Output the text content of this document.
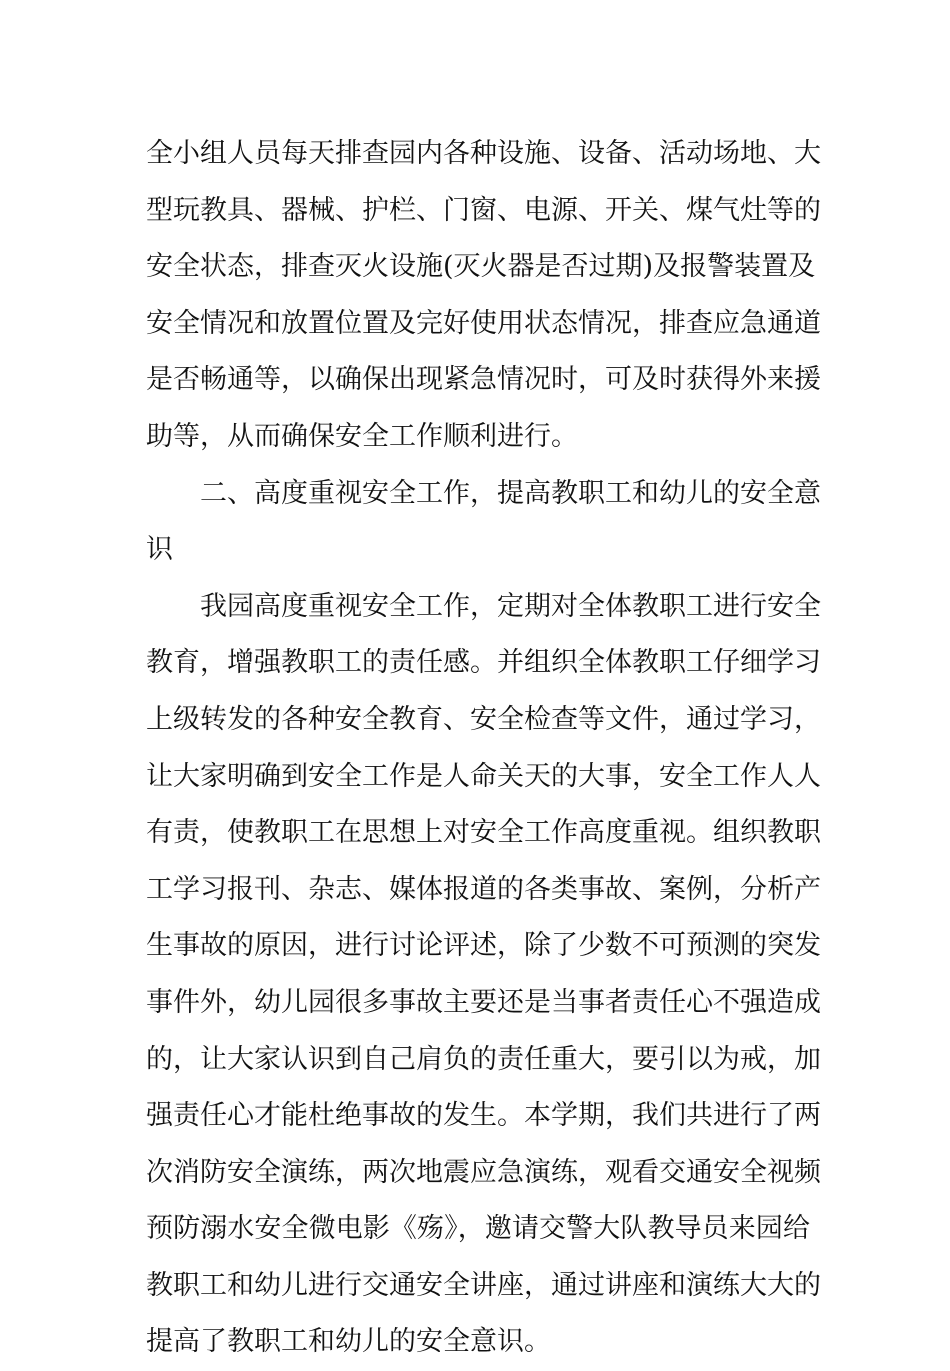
全小组人员每天排查园内各种设施、设备、活动场地、大
型玩教具、器械、护栏、门窗、电源、开关、煤气灶等的
安全状态，排查灭火设施(灭火器是否过期)及报警装置及
安全情况和放置位置及完好使用状态情况，排查应急通道
是否畅通等，以确保出现紧急情况时，可及时获得外来援
助等，从而确保安全工作顺利进行。
二、高度重视安全工作，提高教职工和幼儿的安全意
识
我园高度重视安全工作，定期对全体教职工进行安全
教育，增强教职工的责任感。并组织全体教职工仔细学习
上级转发的各种安全教育、安全检查等文件，通过学习，
让大家明确到安全工作是人命关天的大事，安全工作人人
有责，使教职工在思想上对安全工作高度重视。组织教职
工学习报刊、杂志、媒体报道的各类事故、案例，分析产
生事故的原因，进行讨论评述，除了少数不可预测的突发
事件外，幼儿园很多事故主要还是当事者责任心不强造成
的，让大家认识到自己肩负的责任重大，要引以为戒，加
强责任心才能杜绝事故的发生。本学期，我们共进行了两
次消防安全演练，两次地震应急演练，观看交通安全视频
预防溺水安全微电影《殇》，邀请交警大队教导员来园给
教职工和幼儿进行交通安全讲座，通过讲座和演练大大的
提高了教职工和幼儿的安全意识。
